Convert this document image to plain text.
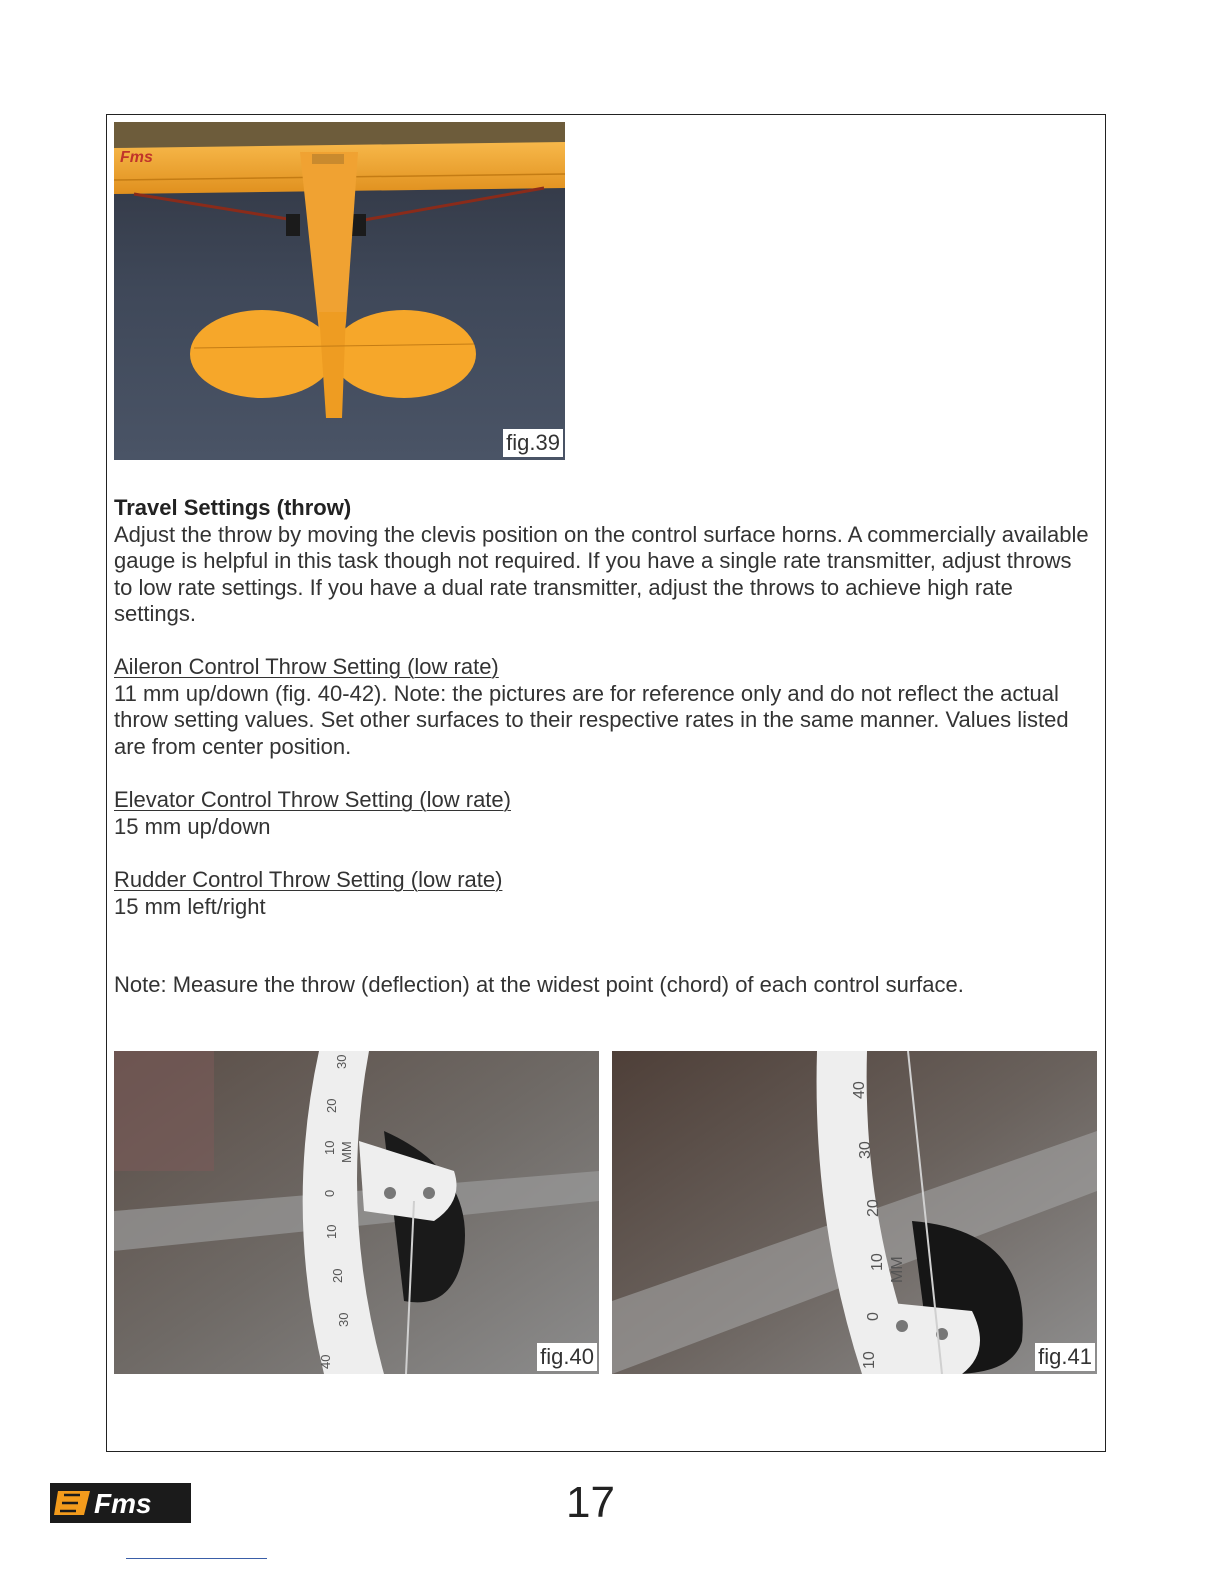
Fms
fig.39
Travel Settings (throw)
Adjust the throw by moving the clevis position on the control surface horns. A commercially available gauge is helpful in this task though not required. If you have a single rate transmitter, adjust throws to low rate settings. If you have a dual rate transmitter, adjust the throws to achieve high rate settings.
Aileron Control Throw Setting (low rate)
11 mm up/down (fig. 40-42). Note: the pictures are for reference only and do not reflect the actual throw setting values. Set other surfaces to their respective rates in the same manner. Values listed are from center position.
Elevator Control Throw Setting (low rate)
15 mm up/down
Rudder Control Throw Setting (low rate)
15 mm left/right
Note: Measure the throw (deflection) at the widest point (chord) of each control surface.
30
20
10 MM
0
10
20
30
40	fig.40
40
30
20
10 MM
0
10	fig.41
Fms	17
